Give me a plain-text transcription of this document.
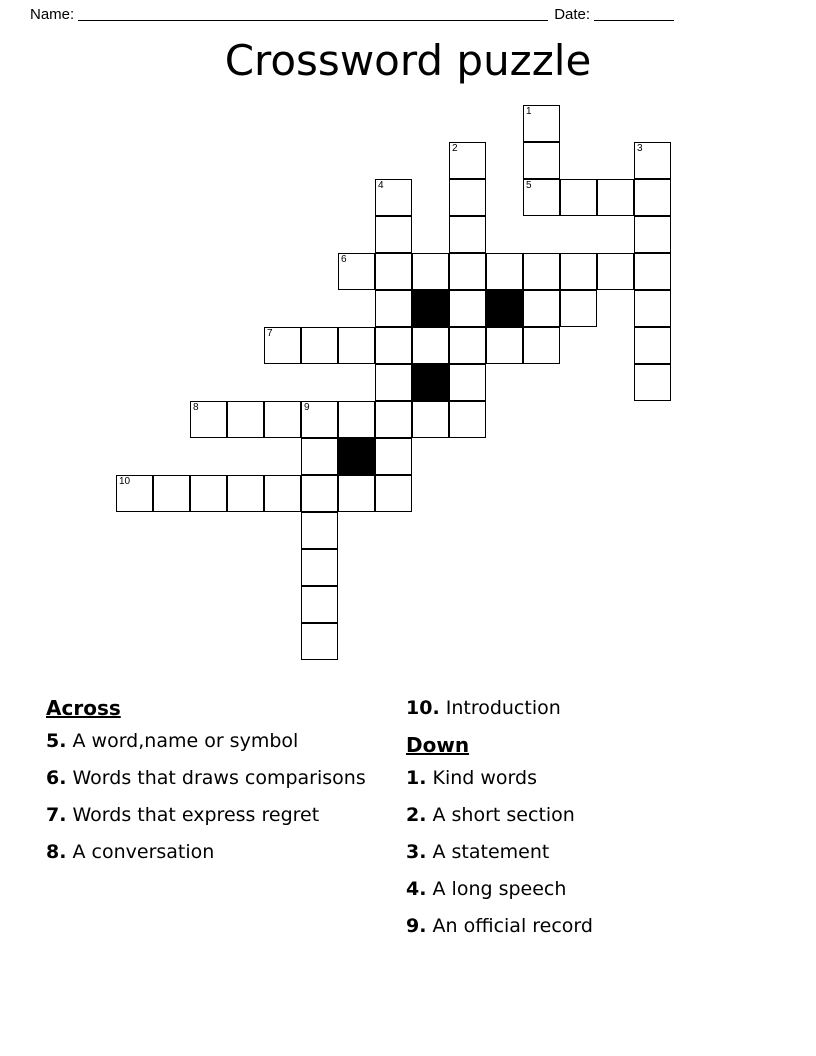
Name:	Date:
Crossword puzzle
1
2	3
4	5
6
7
8	9
10
Across
5. A word,name or symbol
6. Words that draws comparisons
7. Words that express regret
8. A conversation
10. Introduction
Down
1. Kind words
2. A short section
3. A statement
4. A long speech
9. An official record
